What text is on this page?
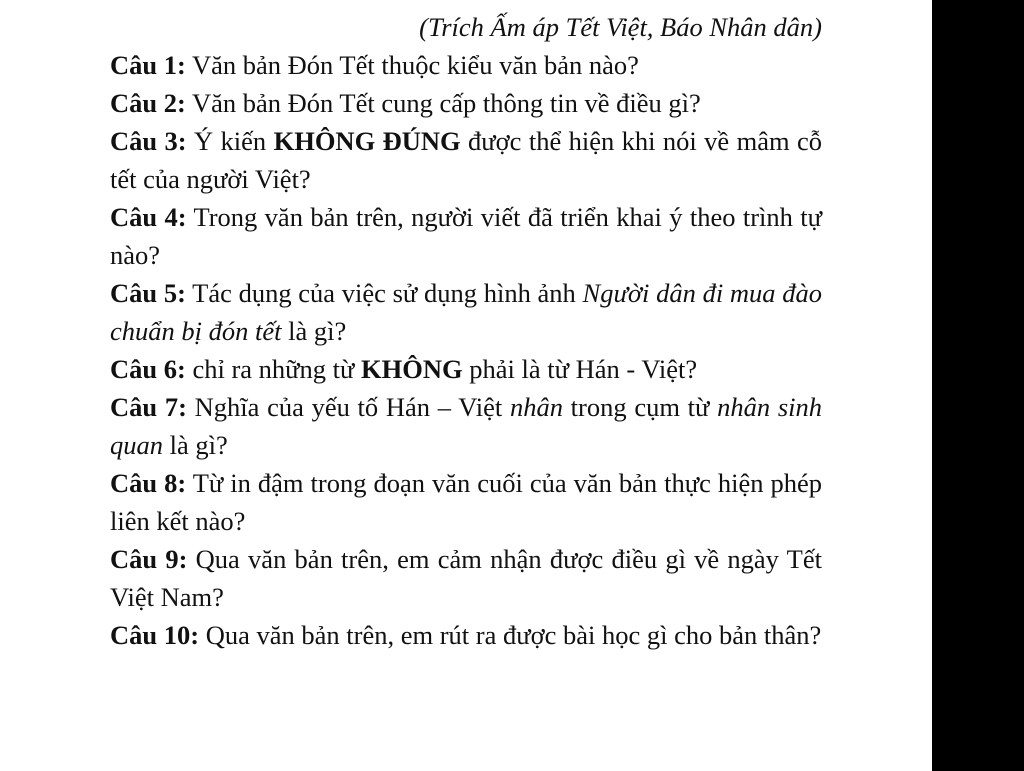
(Trích Ấm áp Tết Việt, Báo Nhân dân)

Câu 1: Văn bản Đón Tết thuộc kiểu văn bản nào?

Câu 2: Văn bản Đón Tết cung cấp thông tin về điều gì?

Câu 3: Ý kiến KHÔNG ĐÚNG được thể hiện khi nói về mâm cỗ tết của người Việt?

Câu 4: Trong văn bản trên, người viết đã triển khai ý theo trình tự nào?

Câu 5: Tác dụng của việc sử dụng hình ảnh Người dân đi mua đào chuẩn bị đón tết là gì?

Câu 6: chỉ ra những từ KHÔNG phải là từ Hán - Việt?

Câu 7: Nghĩa của yếu tố Hán – Việt nhân trong cụm từ nhân sinh quan là gì?

Câu 8: Từ in đậm trong đoạn văn cuối của văn bản thực hiện phép liên kết nào?

Câu 9: Qua văn bản trên, em cảm nhận được điều gì về ngày Tết Việt Nam?

Câu 10: Qua văn bản trên, em rút ra được bài học gì cho bản thân?
